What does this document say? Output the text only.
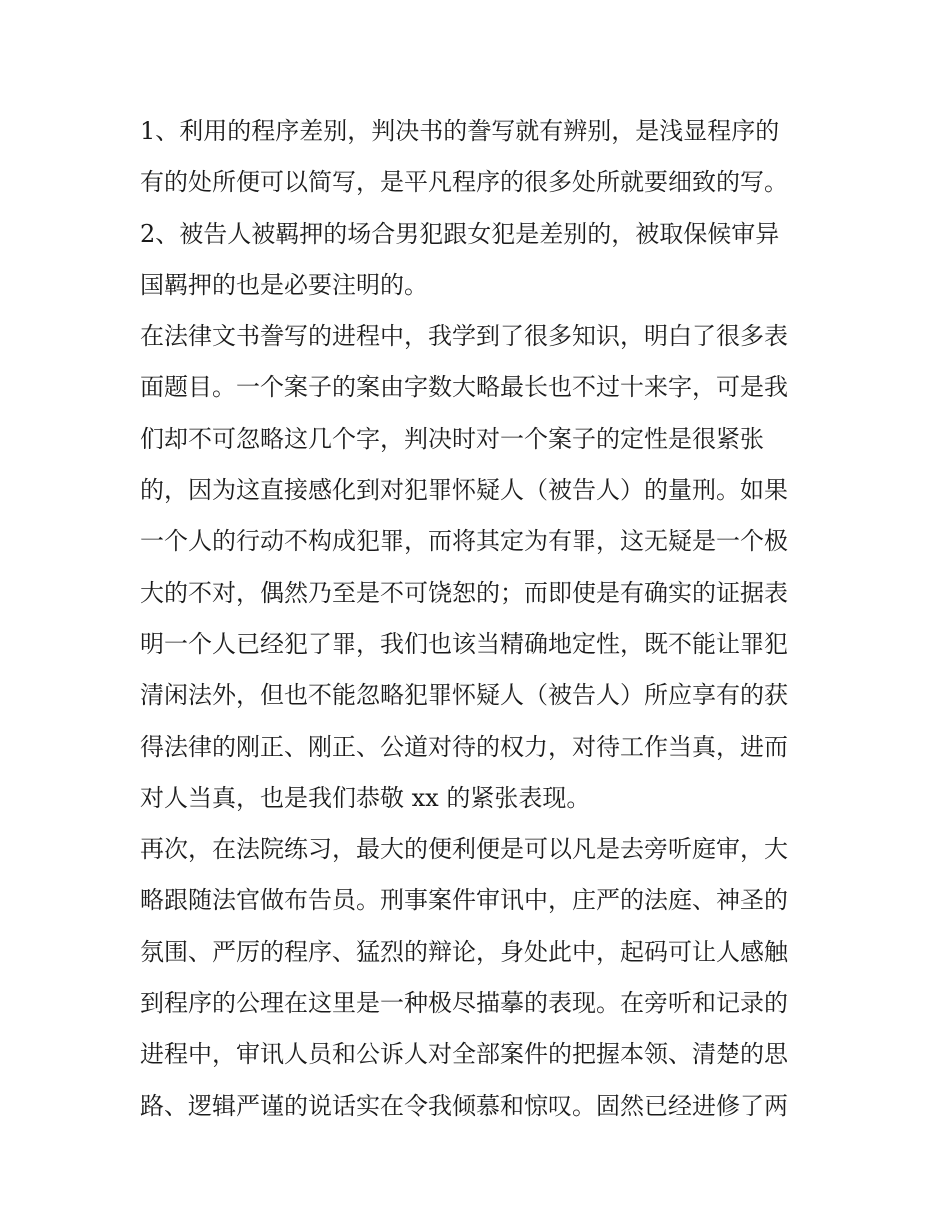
1、利用的程序差别，判决书的誊写就有辨别，是浅显程序的
有的处所便可以简写，是平凡程序的很多处所就要细致的写。
2、被告人被羁押的场合男犯跟女犯是差别的，被取保候审异
国羁押的也是必要注明的。
在法律文书誊写的进程中，我学到了很多知识，明白了很多表
面题目。一个案子的案由字数大略最长也不过十来字，可是我
们却不可忽略这几个字，判决时对一个案子的定性是很紧张
的，因为这直接感化到对犯罪怀疑人（被告人）的量刑。如果
一个人的行动不构成犯罪，而将其定为有罪，这无疑是一个极
大的不对，偶然乃至是不可饶恕的；而即使是有确实的证据表
明一个人已经犯了罪，我们也该当精确地定性，既不能让罪犯
清闲法外，但也不能忽略犯罪怀疑人（被告人）所应享有的获
得法律的刚正、刚正、公道对待的权力，对待工作当真，进而
对人当真，也是我们恭敬 xx 的紧张表现。
再次，在法院练习，最大的便利便是可以凡是去旁听庭审，大
略跟随法官做布告员。刑事案件审讯中，庄严的法庭、神圣的
氛围、严厉的程序、猛烈的辩论，身处此中，起码可让人感触
到程序的公理在这里是一种极尽描摹的表现。在旁听和记录的
进程中，审讯人员和公诉人对全部案件的把握本领、清楚的思
路、逻辑严谨的说话实在令我倾慕和惊叹。固然已经进修了两
